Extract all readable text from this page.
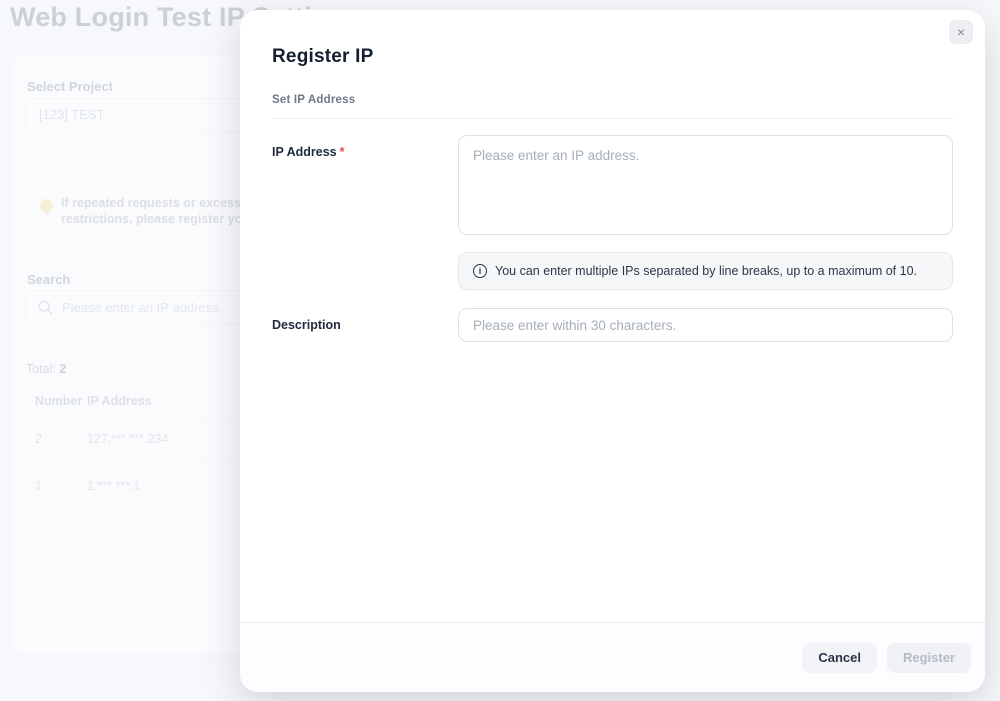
Please enter an IP address.
×
Register IP
Set IP Address
IP Address *
Please enter an IP address.
i	You can enter multiple IPs separated by line breaks, up to a maximum of 10.
Description
Please enter within 30 characters.
Cancel	Register
